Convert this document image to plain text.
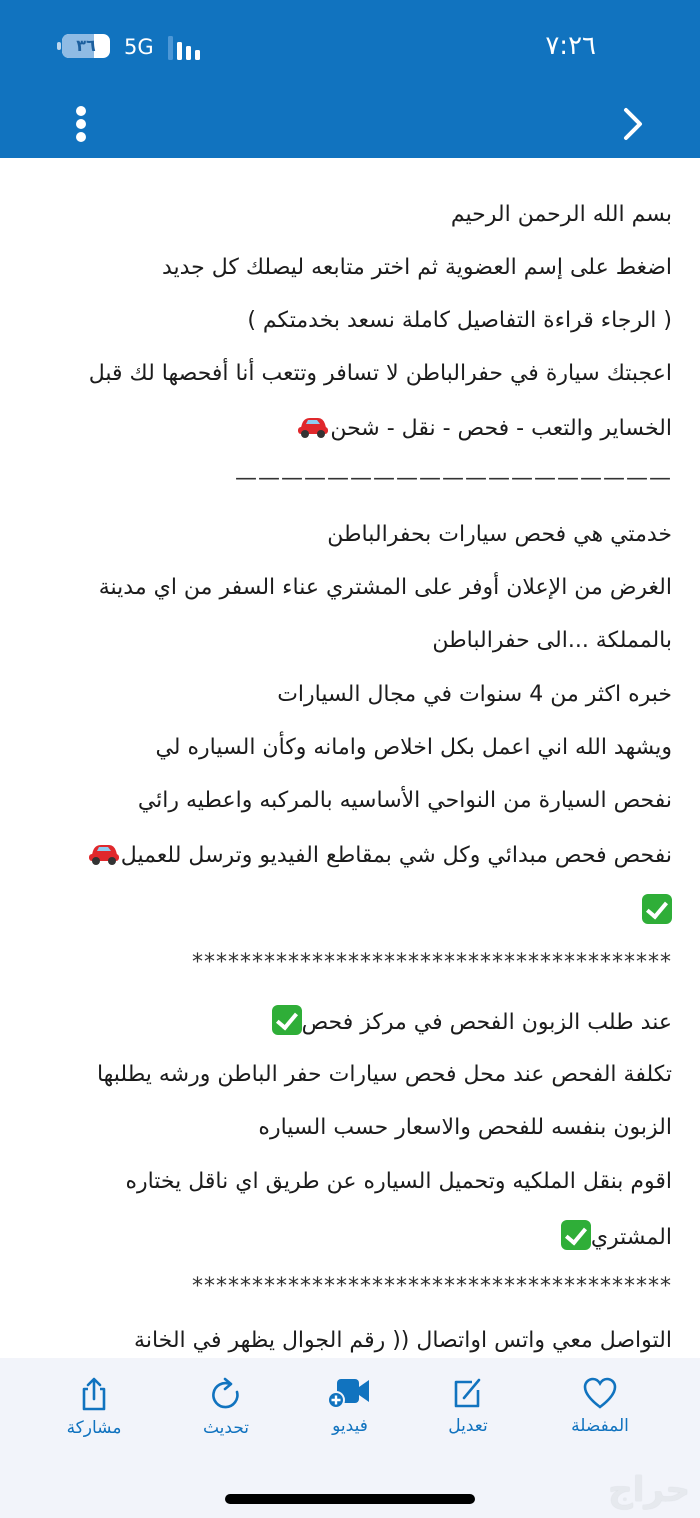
٣٦	5G	٧:٢٦
بسم الله الرحمن الرحيم
اضغط على إسم العضوية ثم اختر متابعه ليصلك كل جديد
( الرجاء قراءة التفاصيل كاملة نسعد بخدمتكم )
اعجبتك سيارة في حفرالباطن لا تسافر وتتعب أنا أفحصها لك قبل
الخساير والتعب - فحص - نقل - شحن
———————————————————
خدمتي هي فحص سيارات بحفرالباطن
الغرض من الإعلان أوفر على المشتري عناء السفر من اي مدينة
بالمملكة ...الى حفرالباطن
خبره اكثر من 4 سنوات في مجال السيارات
ويشهد الله اني اعمل بكل اخلاص وامانه وكأن السياره لي
نفحص السيارة من النواحي الأساسيه بالمركبه واعطيه رائي
نفحص فحص مبدائي وكل شي بمقاطع الفيديو وترسل للعميل
****************************************
عند طلب الزبون الفحص في مركز فحص
تكلفة الفحص عند محل فحص سيارات حفر الباطن ورشه يطلبها
الزبون بنفسه للفحص والاسعار حسب السياره
اقوم بنقل الملكيه وتحميل السياره عن طريق اي ناقل يختاره
المشتري
****************************************
التواصل معي واتس اواتصال (( رقم الجوال يظهر في الخانة
المفضلة
تعديل
فيديو
تحديث
مشاركة
حراج
